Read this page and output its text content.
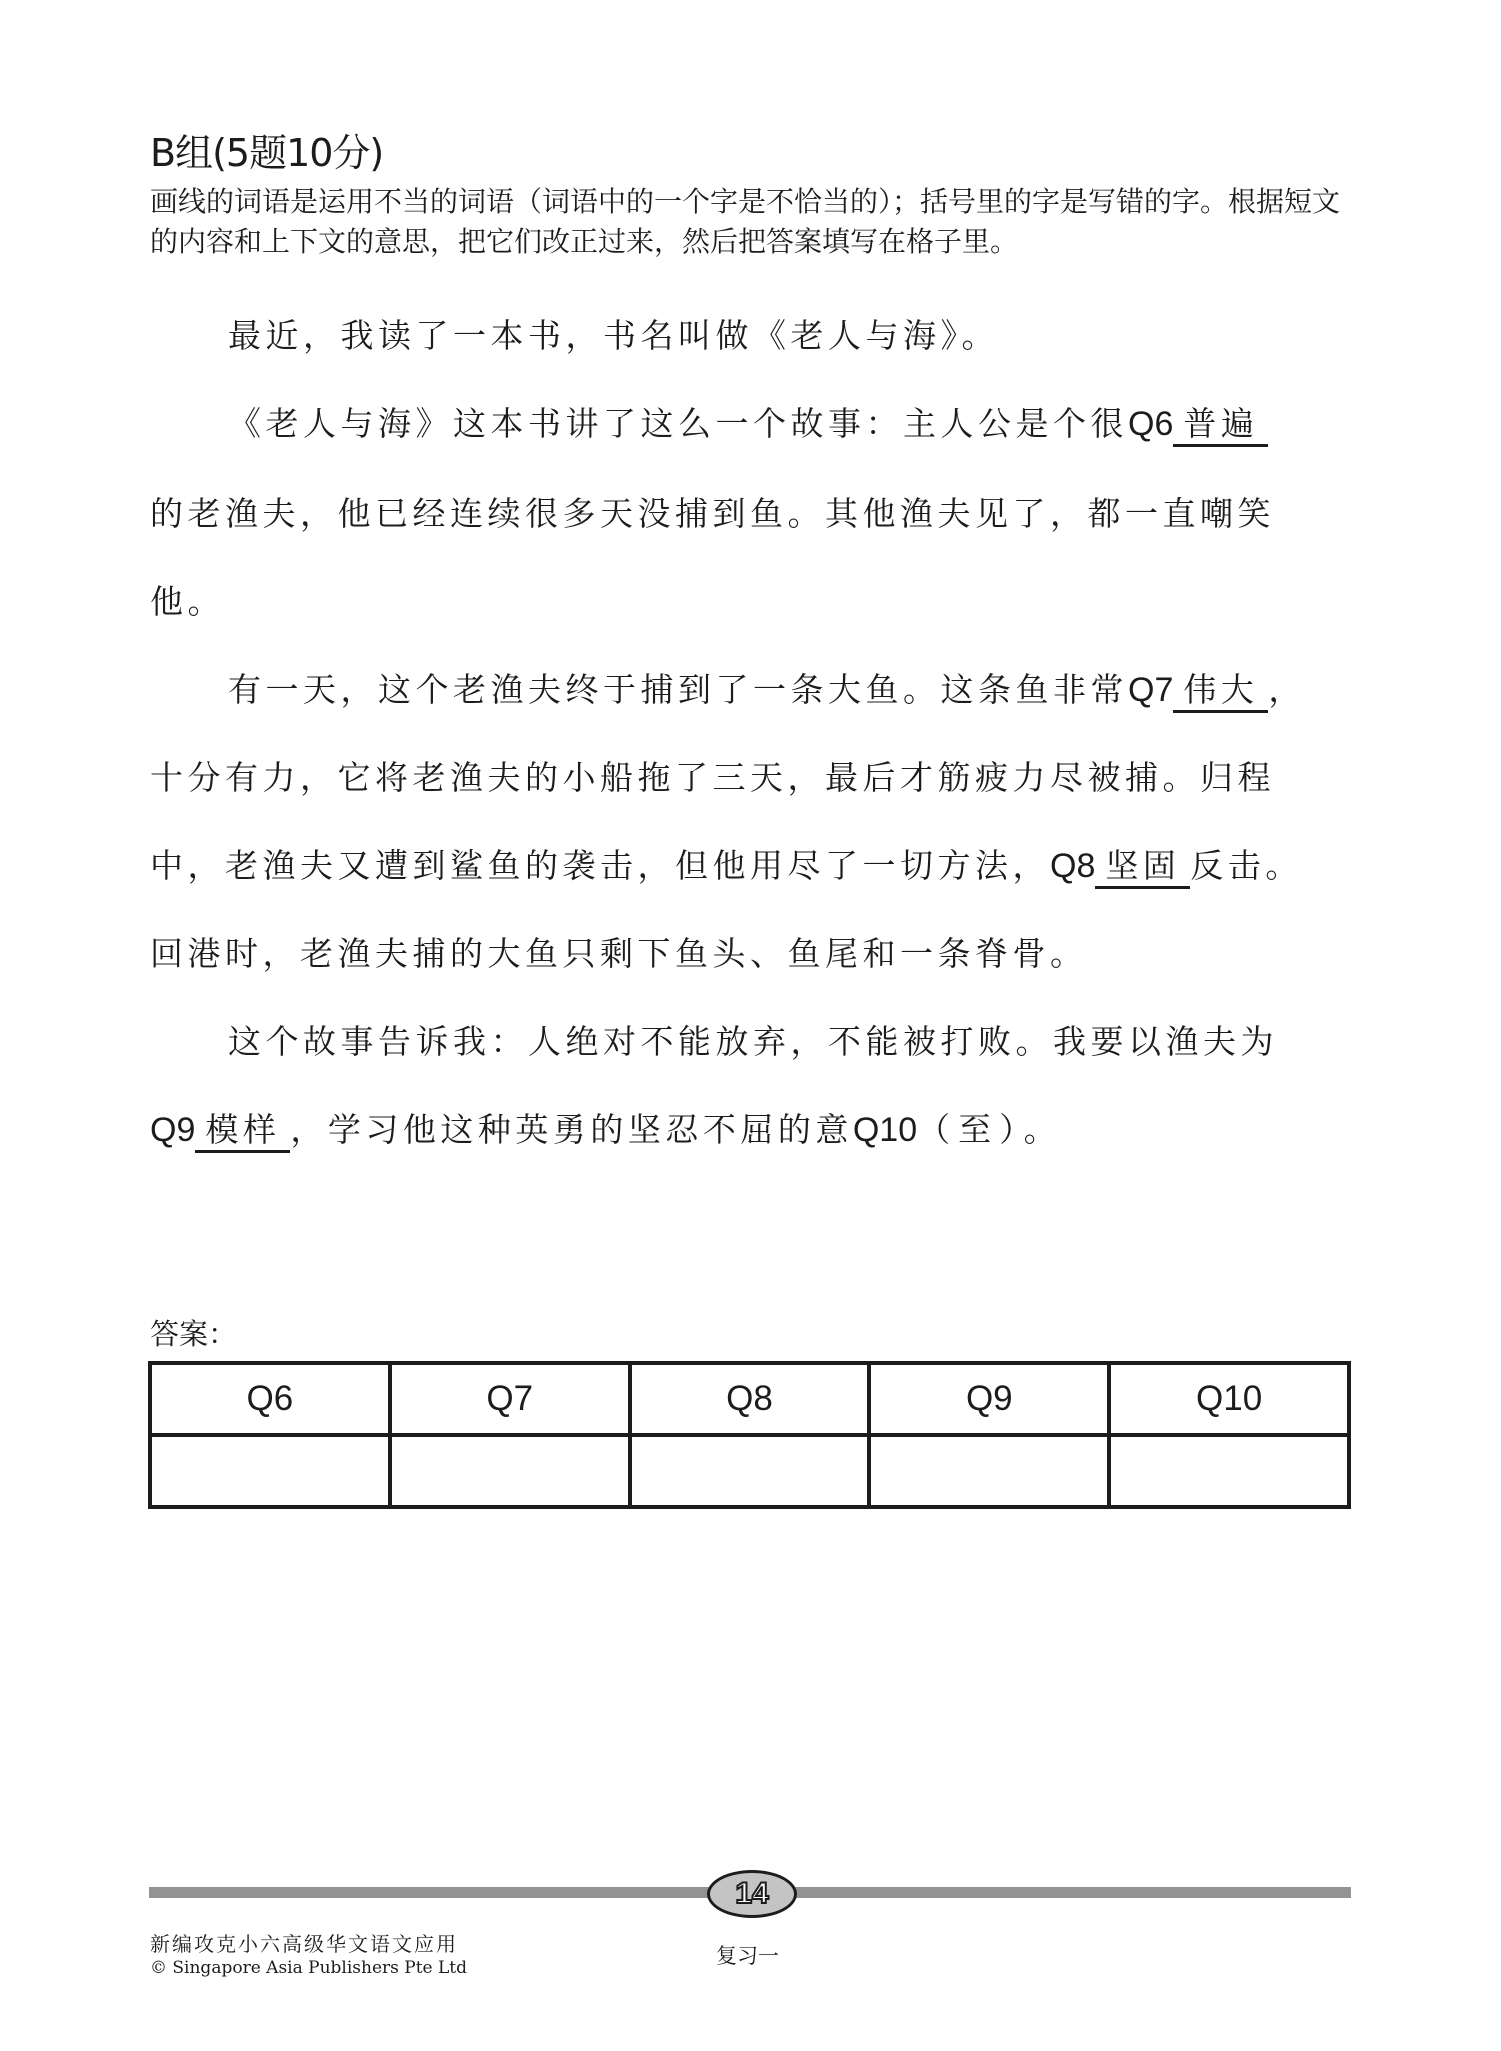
B组(5题10分)
画线的词语是运用不当的词语（词语中的一个字是不恰当的）；括号里的字是写错的字。根据短文的内容和上下文的意思，把它们改正过来，然后把答案填写在格子里。
最近，我读了一本书，书名叫做《老人与海》。
《老人与海》这本书讲了这么一个故事：主人公是个很Q6 普遍
的老渔夫，他已经连续很多天没捕到鱼。其他渔夫见了，都一直嘲笑
他。
有一天，这个老渔夫终于捕到了一条大鱼。这条鱼非常Q7 伟大 ，
十分有力，它将老渔夫的小船拖了三天，最后才筋疲力尽被捕。归程
中，老渔夫又遭到鲨鱼的袭击，但他用尽了一切方法，Q8 坚固 反击。
回港时，老渔夫捕的大鱼只剩下鱼头、鱼尾和一条脊骨。
这个故事告诉我：人绝对不能放弃，不能被打败。我要以渔夫为
Q9 模样 ，学习他这种英勇的坚忍不屈的意Q10（至）。
答案：
Q6	Q7	Q8	Q9	Q10

14
新编攻克小六高级华文语文应用
© Singapore Asia Publishers Pte Ltd	复习一
